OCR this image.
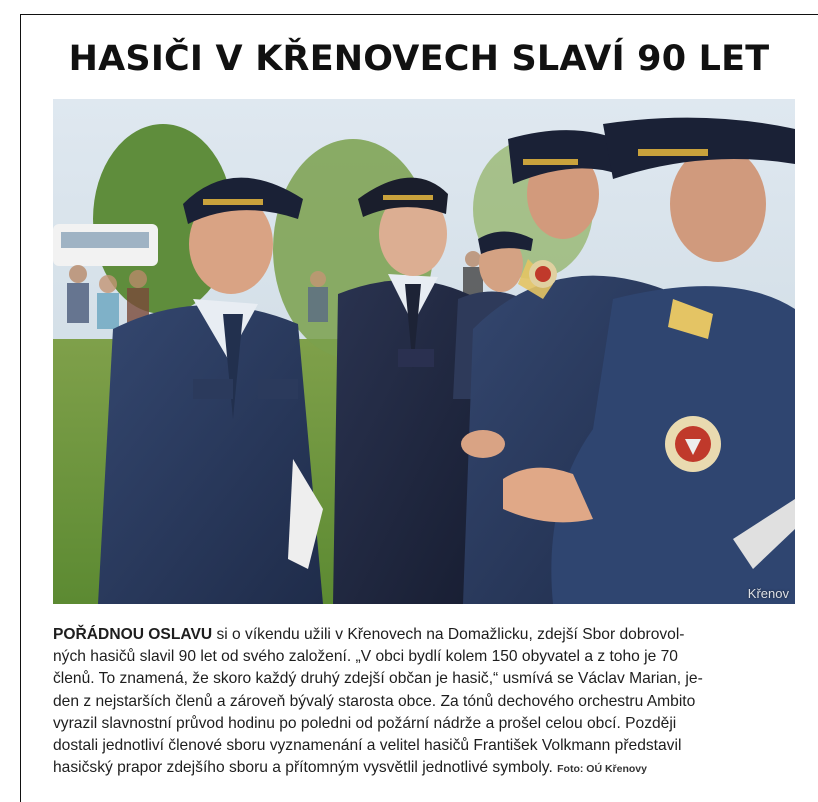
HASIČI V KŘENOVECH SLAVÍ 90 LET
Křenov

POŘÁDNOU OSLAVU si o víkendu užili v Křenovech na Domažlicku, zdejší Sbor dobrovol-
ných hasičů slavil 90 let od svého založení. „V obci bydlí kolem 150 obyvatel a z toho je 70
členů. To znamená, že skoro každý druhý zdejší občan je hasič,“ usmívá se Václav Marian, je-
den z nejstarších členů a zároveň bývalý starosta obce. Za tónů dechového orchestru Ambito
vyrazil slavnostní průvod hodinu po poledni od požární nádrže a prošel celou obcí. Později
dostali jednotliví členové sboru vyznamenání a velitel hasičů František Volkmann představil
hasičský prapor zdejšího sboru a přítomným vysvětlil jednotlivé symboly. Foto: OÚ Křenovy
